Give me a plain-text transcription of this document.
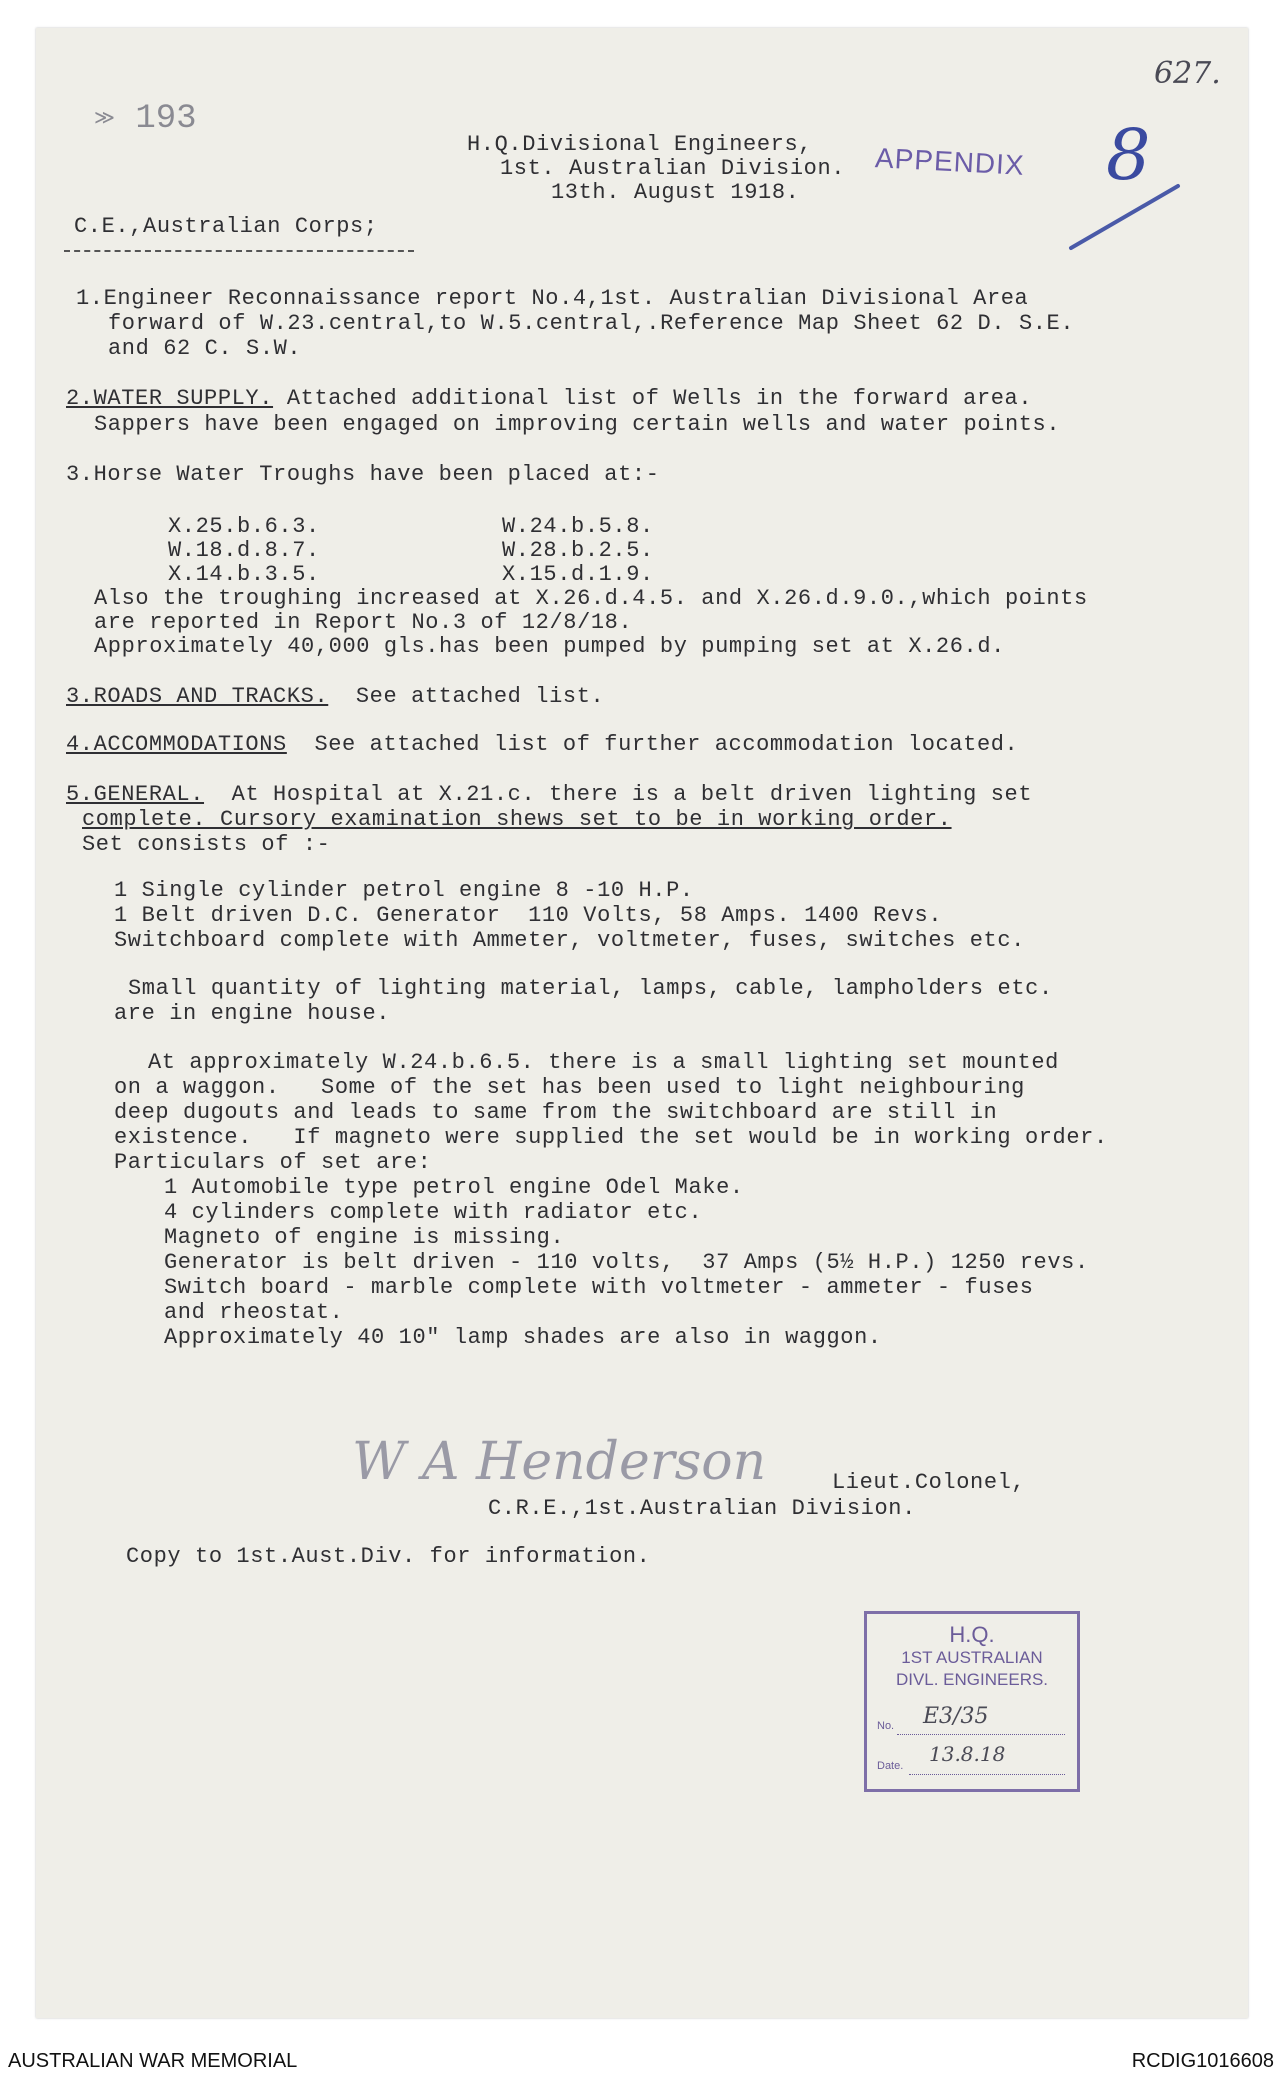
627.
≫ 193
APPENDIX 8
H.Q.Divisional Engineers,
1st. Australian Division.
13th. August 1918.
C.E.,Australian Corps;
1.Engineer Reconnaissance report No.4,1st. Australian Divisional Area
forward of W.23.central,to W.5.central,.Reference Map Sheet 62 D. S.E.
and 62 C. S.W.
2.WATER SUPPLY. Attached additional list of Wells in the forward area.
Sappers have been engaged on improving certain wells and water points.
3.Horse Water Troughs have been placed at:-
X.25.b.6.3.
W.18.d.8.7.
X.14.b.3.5.
W.24.b.5.8.
W.28.b.2.5.
X.15.d.1.9.
Also the troughing increased at X.26.d.4.5. and X.26.d.9.0.,which points
are reported in Report No.3 of 12/8/18.
Approximately 40,000 gls.has been pumped by pumping set at X.26.d.
3.ROADS AND TRACKS.  See attached list.
4.ACCOMMODATIONS  See attached list of further accommodation located.
5.GENERAL.  At Hospital at X.21.c. there is a belt driven lighting set
complete. Cursory examination shews set to be in working order.
Set consists of :-
1 Single cylinder petrol engine 8 -10 H.P.
1 Belt driven D.C. Generator  110 Volts, 58 Amps. 1400 Revs.
Switchboard complete with Ammeter, voltmeter, fuses, switches etc.
Small quantity of lighting material, lamps, cable, lampholders etc.
are in engine house.
At approximately W.24.b.6.5. there is a small lighting set mounted
on a waggon.   Some of the set has been used to light neighbouring
deep dugouts and leads to same from the switchboard are still in
existence.   If magneto were supplied the set would be in working order.
Particulars of set are:
1 Automobile type petrol engine Odel Make.
4 cylinders complete with radiator etc.
Magneto of engine is missing.
Generator is belt driven - 110 volts,  37 Amps (5½ H.P.) 1250 revs.
Switch board - marble complete with voltmeter - ammeter - fuses
and rheostat.
Approximately 40 10" lamp shades are also in waggon.
W A Henderson	Lieut.Colonel,
C.R.E.,1st.Australian Division.
Copy to 1st.Aust.Div. for information.
H.Q.
1ST AUSTRALIAN
DIVL. ENGINEERS.
No. E3/35
Date. 13.8.18
AUSTRALIAN WAR MEMORIAL	RCDIG1016608
